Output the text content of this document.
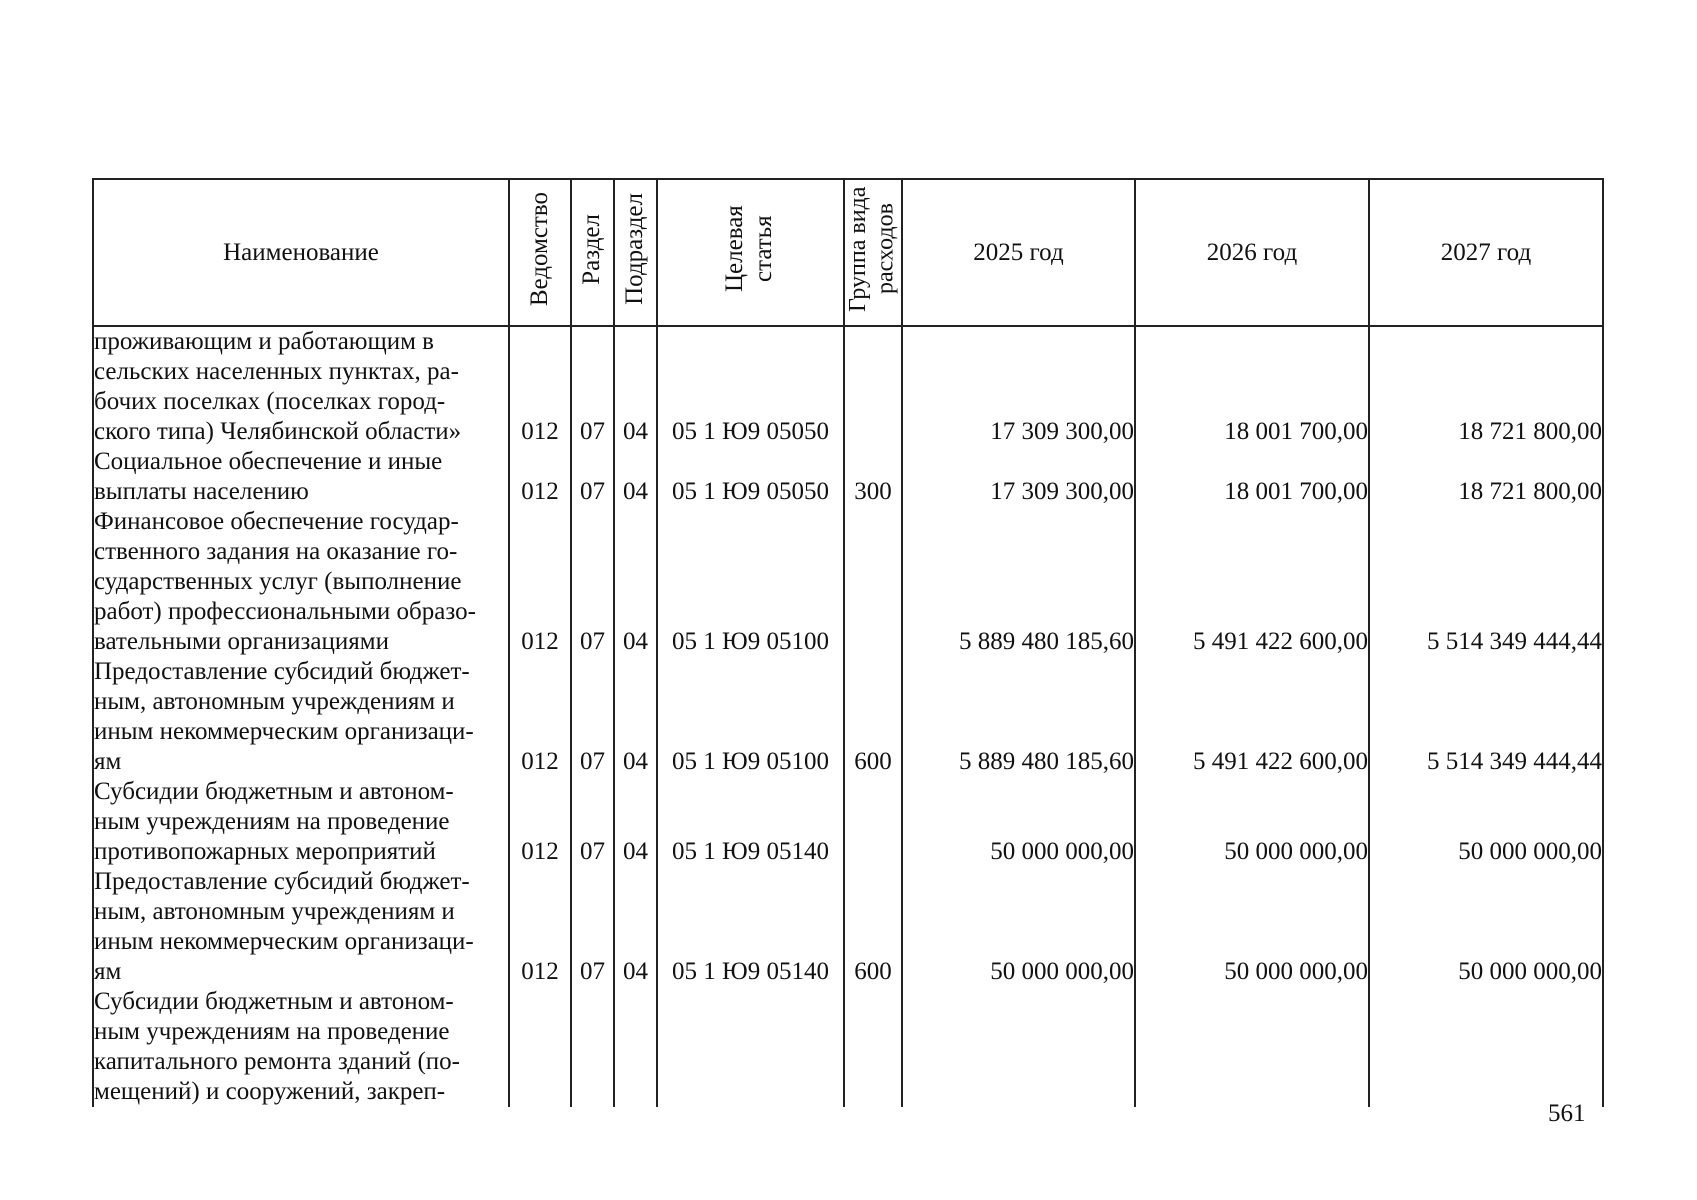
Наименование	Ведомство	Раздел	Подраздел	Целевая статья	Группа вида расходов	2025 год	2026 год	2027 год
проживающим и работающим в
сельских населенных пунктах, ра-
бочих поселках (поселках город-
ского типа) Челябинской области»	012	07	04	05 1 Ю9 05050		17 309 300,00	18 001 700,00	18 721 800,00
Социальное обеспечение и иные
выплаты населению	012	07	04	05 1 Ю9 05050	300	17 309 300,00	18 001 700,00	18 721 800,00
Финансовое обеспечение государ-
ственного задания на оказание го-
сударственных услуг (выполнение
работ) профессиональными образо-
вательными организациями	012	07	04	05 1 Ю9 05100		5 889 480 185,60	5 491 422 600,00	5 514 349 444,44
Предоставление субсидий бюджет-
ным, автономным учреждениям и
иным некоммерческим организаци-
ям	012	07	04	05 1 Ю9 05100	600	5 889 480 185,60	5 491 422 600,00	5 514 349 444,44
Субсидии бюджетным и автоном-
ным учреждениям на проведение
противопожарных мероприятий	012	07	04	05 1 Ю9 05140		50 000 000,00	50 000 000,00	50 000 000,00
Предоставление субсидий бюджет-
ным, автономным учреждениям и
иным некоммерческим организаци-
ям	012	07	04	05 1 Ю9 05140	600	50 000 000,00	50 000 000,00	50 000 000,00
Субсидии бюджетным и автоном-
ным учреждениям на проведение
капитального ремонта зданий (по-
мещений) и сооружений, закреп-								
561
